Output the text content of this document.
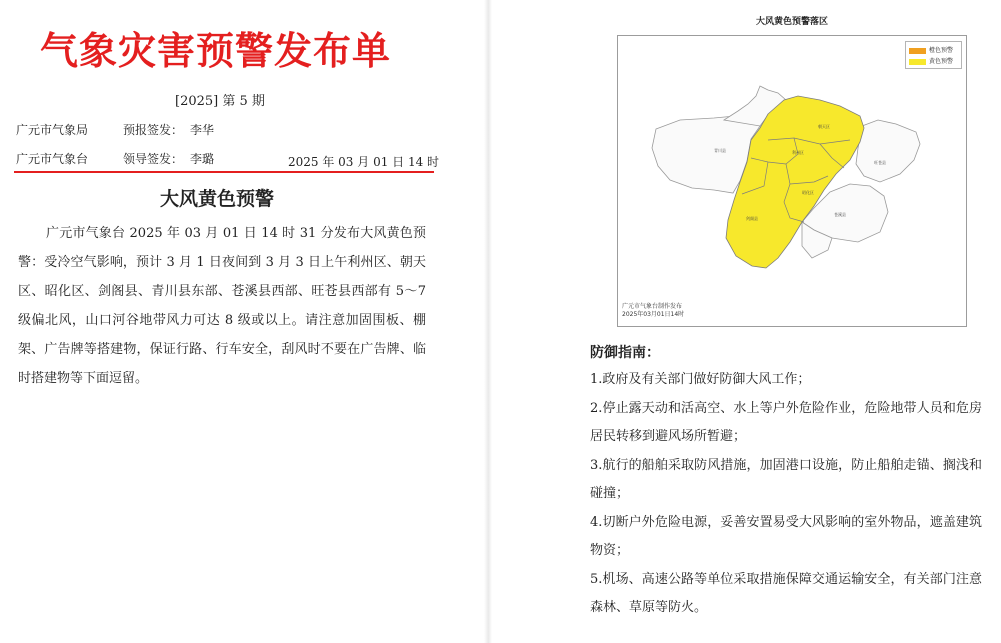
气象灾害预警发布单
[2025] 第 5 期
广元市气象局	预报签发： 李华
广元市气象台	领导签发： 李璐	2025 年 03 月 01 日 14 时
大风黄色预警

广元市气象台 2025 年 03 月 01 日 14 时 31 分发布大风黄色预警：受冷空气影响，预计 3 月 1 日夜间到 3 月 3 日上午利州区、朝天区、昭化区、剑阁县、青川县东部、苍溪县西部、旺苍县西部有 5～7 级偏北风，山口河谷地带风力可达 8 级或以上。请注意加固围板、棚架、广告牌等搭建物，保证行路、行车安全，刮风时不要在广告牌、临时搭建物等下面逗留。

大风黄色预警落区
朝天区
青川县	利州区
旺苍县
昭化区
剑阁县
苍溪县
橙色预警
黄色预警
广元市气象台制作发布
2025年03月01日14时
防御指南：
1.政府及有关部门做好防御大风工作；
2.停止露天动和活高空、水上等户外危险作业，危险地带人员和危房居民转移到避风场所暂避；
3.航行的船舶采取防风措施，加固港口设施，防止船舶走锚、搁浅和碰撞；
4.切断户外危险电源，妥善安置易受大风影响的室外物品，遮盖建筑物资；
5.机场、高速公路等单位采取措施保障交通运输安全，有关部门注意森林、草原等防火。
